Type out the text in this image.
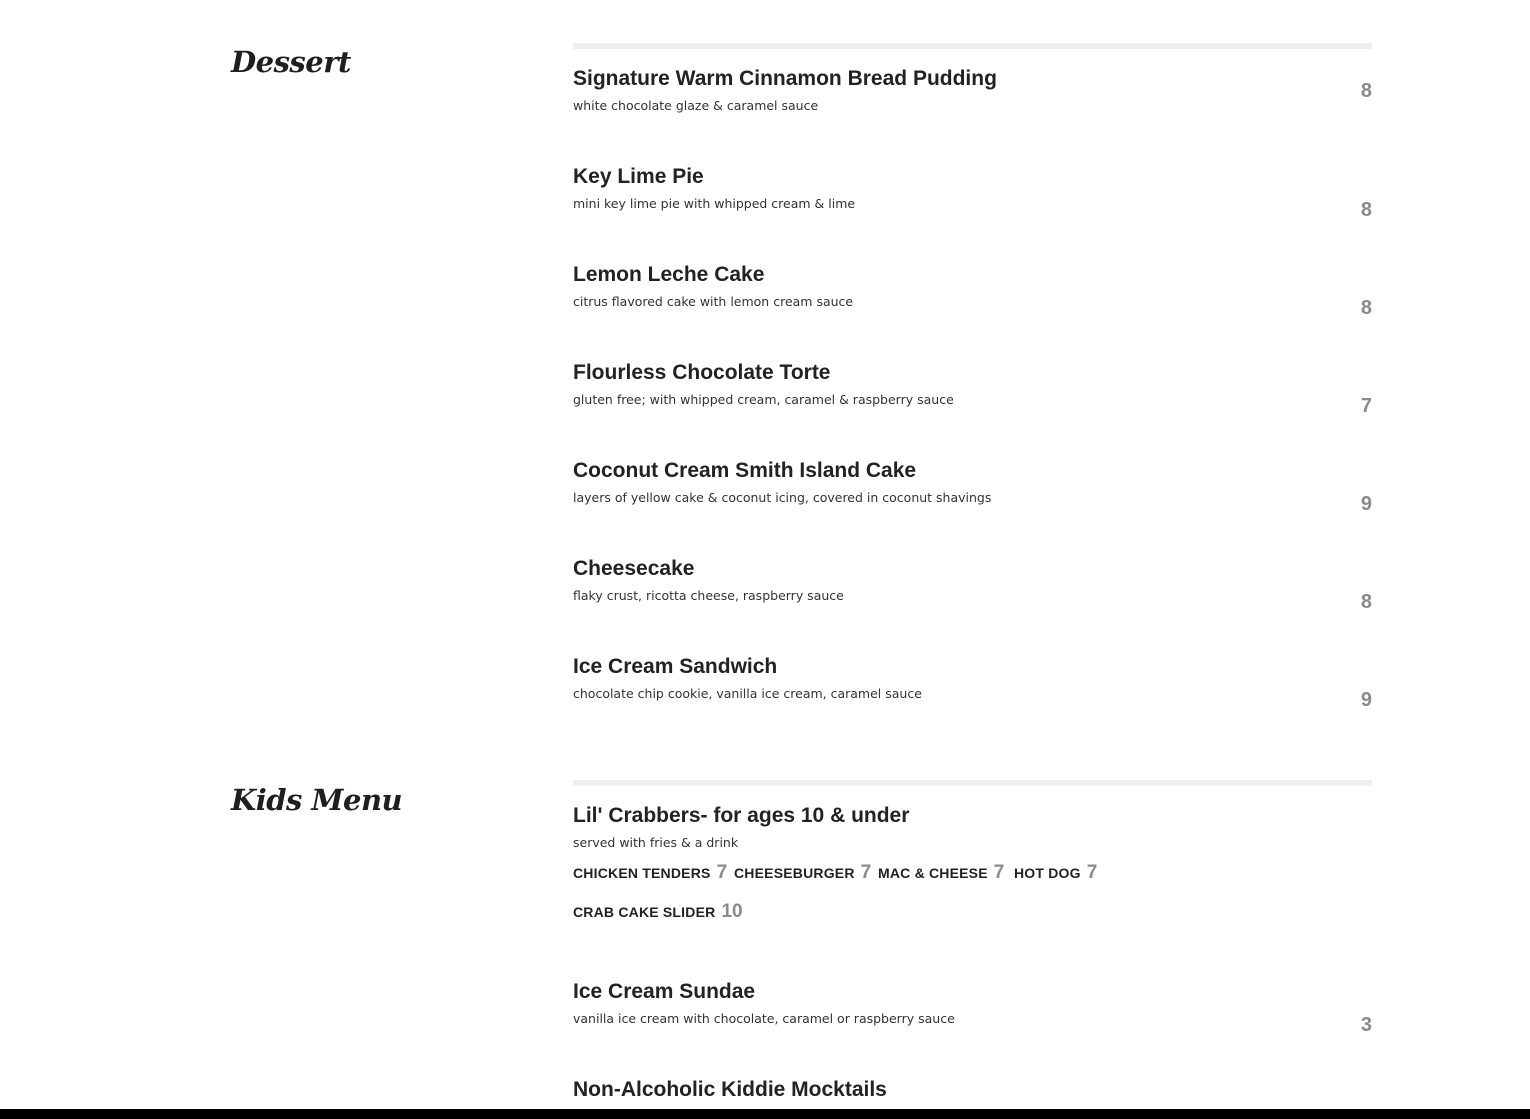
Dessert	Signature Warm Cinnamon Bread Pudding
white chocolate glaze & caramel sauce
8
Key Lime Pie
mini key lime pie with whipped cream & lime	8
Lemon Leche Cake
citrus flavored cake with lemon cream sauce	8
Flourless Chocolate Torte
gluten free; with whipped cream, caramel & raspberry sauce	7
Coconut Cream Smith Island Cake
layers of yellow cake & coconut icing, covered in coconut shavings	9
Cheesecake
flaky crust, ricotta cheese, raspberry sauce	8
Ice Cream Sandwich
chocolate chip cookie, vanilla ice cream, caramel sauce	9
Kids Menu	Lil' Crabbers- for ages 10 & under
served with fries & a drink
CHICKEN TENDERS 7 CHEESEBURGER 7 MAC & CHEESE 7 HOT DOG 7
CRAB CAKE SLIDER 10
Ice Cream Sundae
vanilla ice cream with chocolate, caramel or raspberry sauce	3
Non-Alcoholic Kiddie Mocktails
